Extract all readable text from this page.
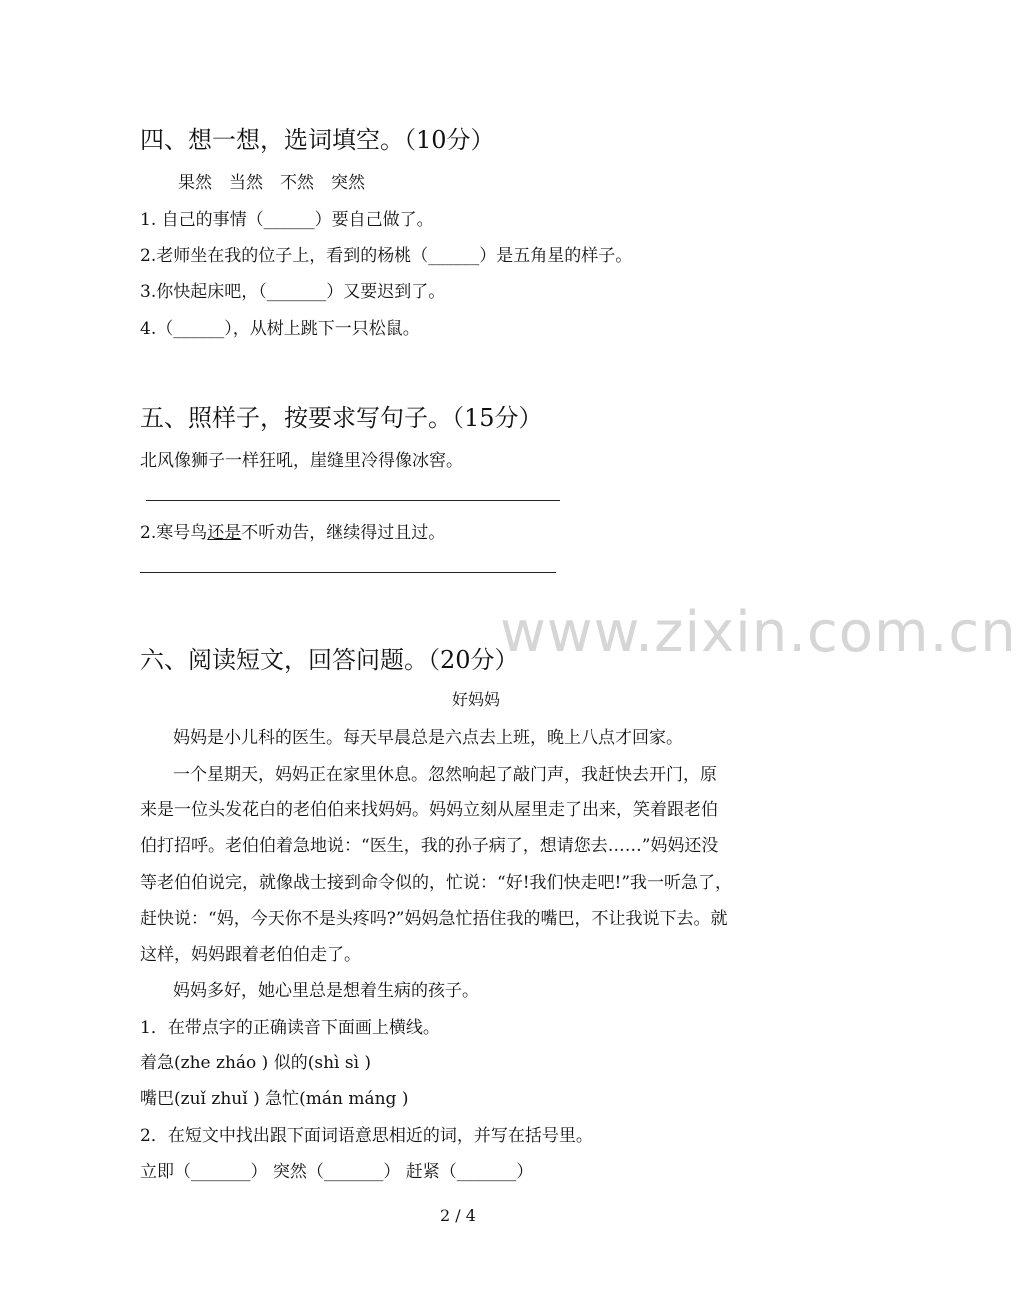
www.zixin.com.cn
四、想一想，选词填空。（10分）
果然　当然　不然　突然
1. 自己的事情（______）要自己做了。
2.老师坐在我的位子上，看到的杨桃（______）是五角星的样子。
3.你快起床吧，（_______）又要迟到了。
4.（______），从树上跳下一只松鼠。
五、照样子，按要求写句子。（15分）
北风像狮子一样狂吼，崖缝里冷得像冰窖。
2.寒号鸟还是不听劝告，继续得过且过。
六、阅读短文，回答问题。（20分）
好妈妈
妈妈是小儿科的医生。每天早晨总是六点去上班，晚上八点才回家。
一个星期天，妈妈正在家里休息。忽然响起了敲门声，我赶快去开门，原
来是一位头发花白的老伯伯来找妈妈。妈妈立刻从屋里走了出来，笑着跟老伯
伯打招呼。老伯伯着急地说：“医生，我的孙子病了，想请您去……”妈妈还没
等老伯伯说完，就像战士接到命令似的，忙说：“好!我们快走吧!”我一听急了，
赶快说：“妈，今天你不是头疼吗?”妈妈急忙捂住我的嘴巴，不让我说下去。就
这样，妈妈跟着老伯伯走了。
妈妈多好，她心里总是想着生病的孩子。
1．在带点字的正确读音下面画上横线。
着急(zhe zháo ) 似的(shì sì )
嘴巴(zuǐ zhuǐ ) 急忙(mán máng )
2．在短文中找出跟下面词语意思相近的词，并写在括号里。
立即（_______） 突然（_______） 赶紧（_______）
2 / 4
